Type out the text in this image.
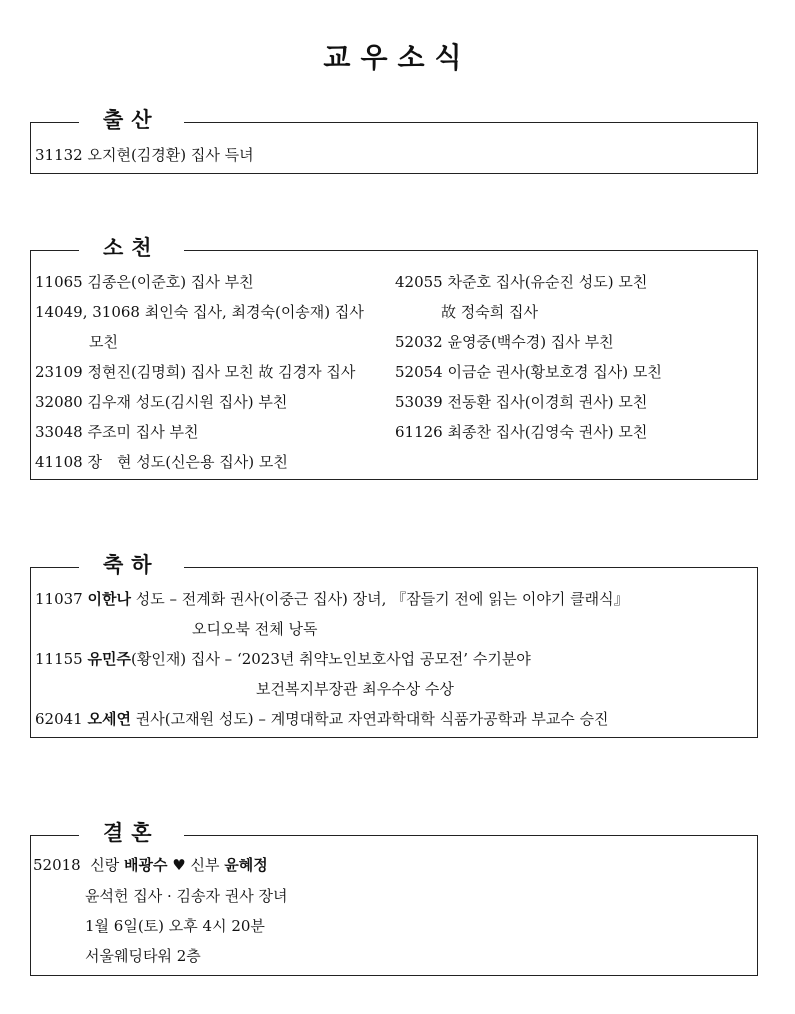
교우소식
출산
31132 오지현(김경환) 집사 득녀
소천
11065 김종은(이준호) 집사 부친
14049, 31068 최인숙 집사, 최경숙(이송재) 집사
모친
23109 정현진(김명희) 집사 모친 故 김경자 집사
32080 김우재 성도(김시원 집사) 부친
33048 주조미 집사 부친
41108 장　현 성도(신은용 집사) 모친
42055 차준호 집사(유순진 성도) 모친
故 정숙희 집사
52032 윤영중(백수경) 집사 부친
52054 이금순 권사(황보호경 집사) 모친
53039 전동환 집사(이경희 권사) 모친
61126 최종찬 집사(김영숙 권사) 모친
축하
11037 이한나 성도 – 전계화 권사(이중근 집사) 장녀, 『잠들기 전에 읽는 이야기 클래식』
오디오북 전체 낭독
11155 유민주(황인재) 집사 – ‘2023년 취약노인보호사업 공모전’ 수기분야
보건복지부장관 최우수상 수상
62041 오세연 권사(고재원 성도) – 계명대학교 자연과학대학 식품가공학과 부교수 승진
결혼
52018 신랑 배광수 ♥ 신부 윤혜정
윤석헌 집사 · 김송자 권사 장녀
1월 6일(토) 오후 4시 20분
서울웨딩타워 2층
